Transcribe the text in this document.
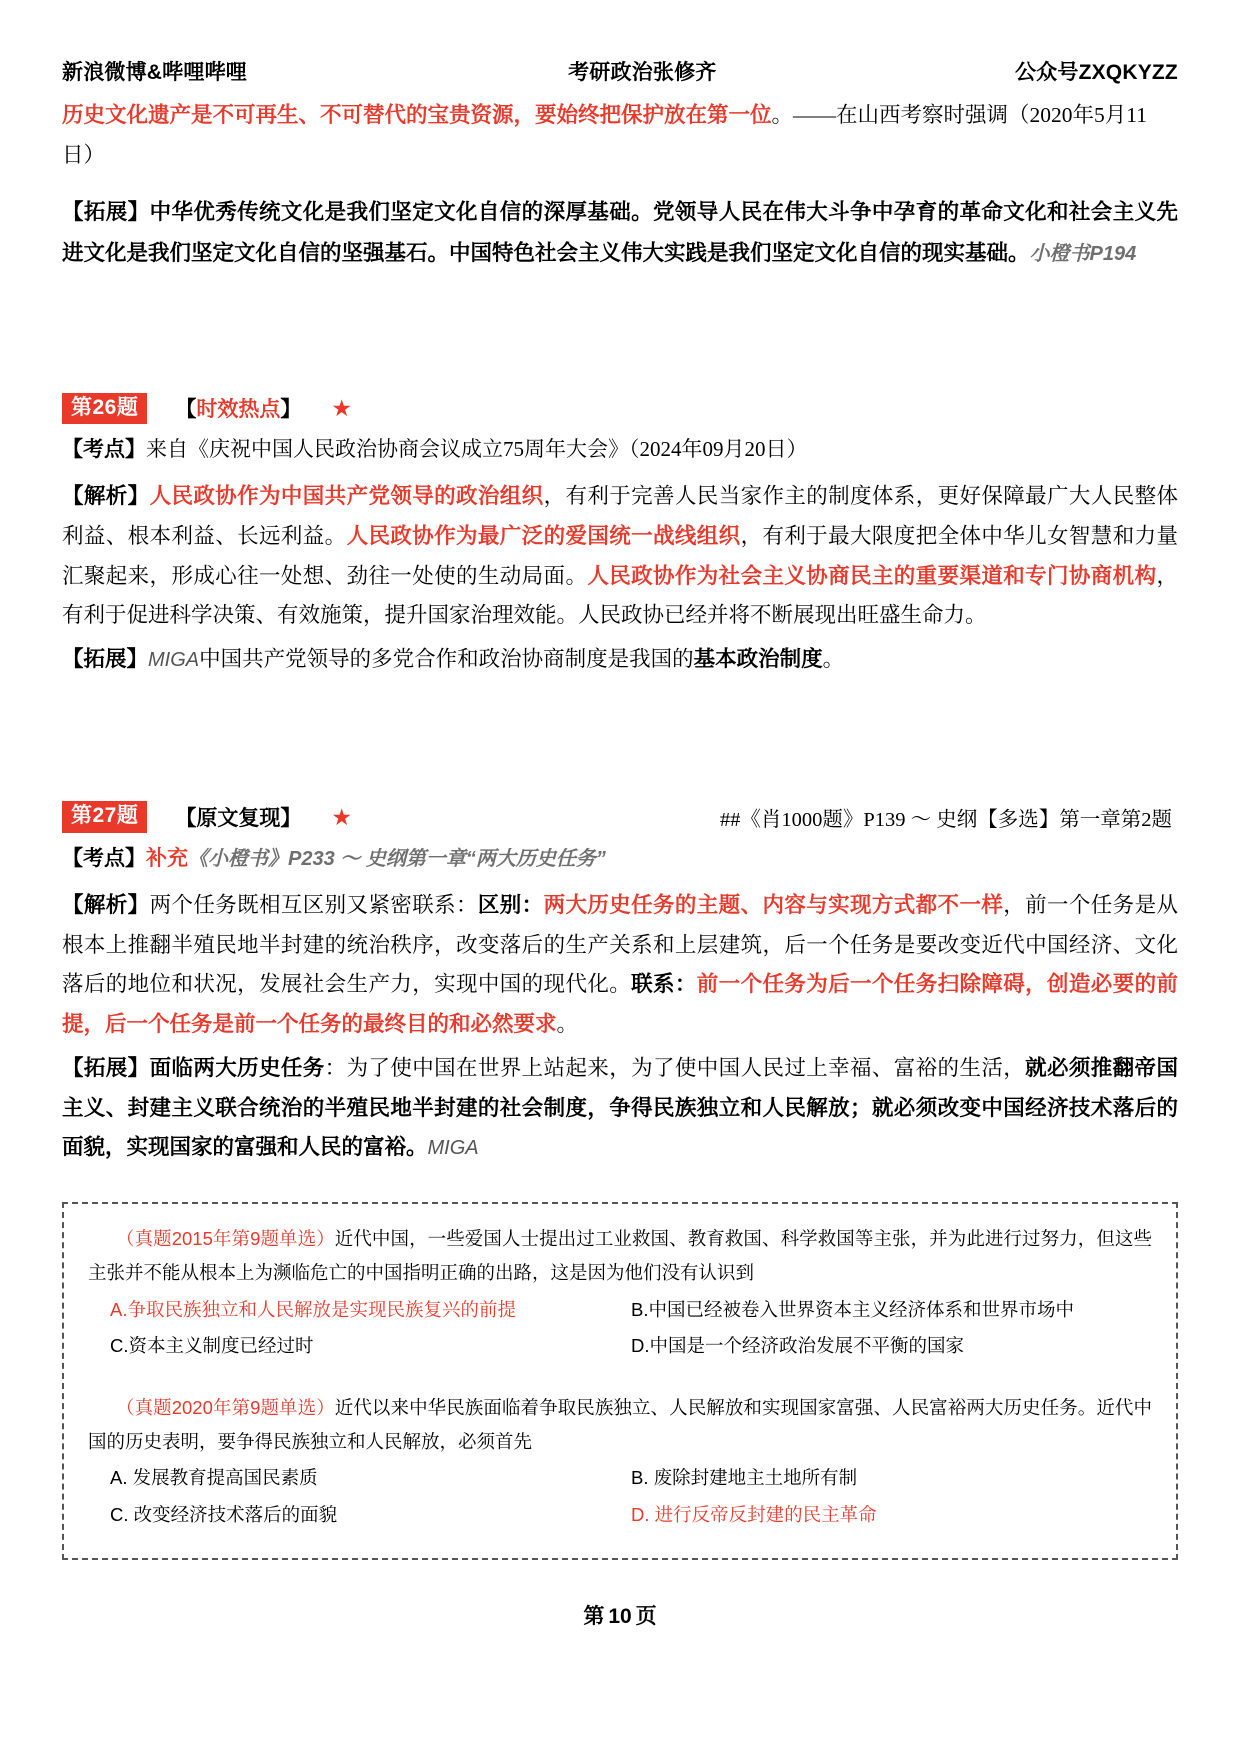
新浪微博&哔哩哔哩	考研政治张修齐	公众号ZXQKYZZ

历史文化遗产是不可再生、不可替代的宝贵资源，要始终把保护放在第一位。——在山西考察时强调（2020年5月11日）

【拓展】中华优秀传统文化是我们坚定文化自信的深厚基础。党领导人民在伟大斗争中孕育的革命文化和社会主义先进文化是我们坚定文化自信的坚强基石。中国特色社会主义伟大实践是我们坚定文化自信的现实基础。小橙书P194

第26题	【时效热点】 ★

【考点】来自《庆祝中国人民政治协商会议成立75周年大会》（2024年09月20日）

【解析】人民政协作为中国共产党领导的政治组织，有利于完善人民当家作主的制度体系，更好保障最广大人民整体利益、根本利益、长远利益。人民政协作为最广泛的爱国统一战线组织，有利于最大限度把全体中华儿女智慧和力量汇聚起来，形成心往一处想、劲往一处使的生动局面。人民政协作为社会主义协商民主的重要渠道和专门协商机构，有利于促进科学决策、有效施策，提升国家治理效能。人民政协已经并将不断展现出旺盛生命力。

【拓展】MIGA中国共产党领导的多党合作和政治协商制度是我国的基本政治制度。

第27题	【原文复现】 ★	##《肖1000题》P139 ～ 史纲【多选】第一章第2题

【考点】补充《小橙书》P233 ～ 史纲第一章“两大历史任务”

【解析】两个任务既相互区别又紧密联系：区别：两大历史任务的主题、内容与实现方式都不一样，前一个任务是从根本上推翻半殖民地半封建的统治秩序，改变落后的生产关系和上层建筑，后一个任务是要改变近代中国经济、文化落后的地位和状况，发展社会生产力，实现中国的现代化。联系：前一个任务为后一个任务扫除障碍，创造必要的前提，后一个任务是前一个任务的最终目的和必然要求。

【拓展】面临两大历史任务：为了使中国在世界上站起来，为了使中国人民过上幸福、富裕的生活，就必须推翻帝国主义、封建主义联合统治的半殖民地半封建的社会制度，争得民族独立和人民解放；就必须改变中国经济技术落后的面貌，实现国家的富强和人民的富裕。MIGA

（真题2015年第9题单选）近代中国，一些爱国人士提出过工业救国、教育救国、科学救国等主张，并为此进行过努力，但这些主张并不能从根本上为濒临危亡的中国指明正确的出路，这是因为他们没有认识到
A.争取民族独立和人民解放是实现民族复兴的前提	B.中国已经被卷入世界资本主义经济体系和世界市场中
C.资本主义制度已经过时	D.中国是一个经济政治发展不平衡的国家
（真题2020年第9题单选）近代以来中华民族面临着争取民族独立、人民解放和实现国家富强、人民富裕两大历史任务。近代中国的历史表明，要争得民族独立和人民解放，必须首先
A. 发展教育提高国民素质	B. 废除封建地主土地所有制
C. 改变经济技术落后的面貌	D. 进行反帝反封建的民主革命
第 10 页
